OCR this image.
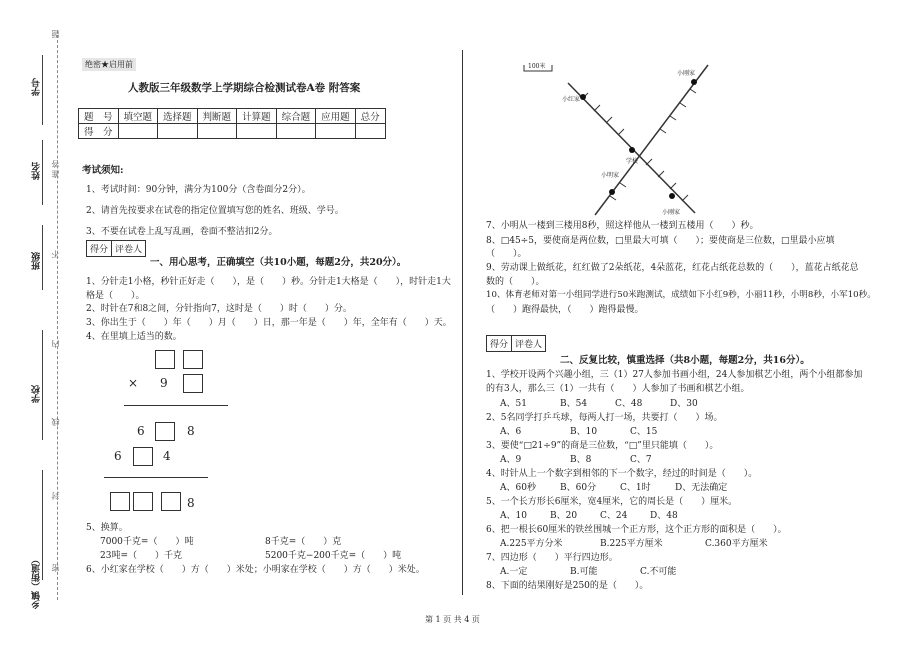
学号
姓名
班级
学校
乡镇（街道）
题
答
准
不
内
线
封
密
绝密★启用前
人教版三年级数学上学期综合检测试卷A卷 附答案
题　号	填空题	选择题	判断题	计算题	综合题	应用题	总分
得　分							
考试须知:
1、考试时间：90分钟，满分为100分（含卷面分2分）。
2、请首先按要求在试卷的指定位置填写您的姓名、班级、学号。
3、不要在试卷上乱写乱画，卷面不整洁扣2分。
得分 评卷人
一、用心思考，正确填空（共10小题，每题2分，共20分）。
1、分针走1小格，秒针正好走（　　），是（　　）秒。分针走1大格是（　　），时针走1大
格是（　　）。
2、时针在7和8之间，分针指向7，这时是（　　）时（　　）分。
3、你出生于（　　）年（　　）月（　　）日，那一年是（　　）年，全年有（　　）天。
4、在里填上适当的数。
× 9
6	8
6	4
8
5、换算。
7000千克=（　　）吨	8千克=（　　）克
23吨=（　　）千克	5200千克−200千克=（　　）吨
6、小红家在学校（　　）方（　　）米处；小明家在学校（　　）方（　　）米处。
100米
小刚家
小红家
学校
小明家
小刚家
7、小明从一楼到三楼用8秒，照这样他从一楼到五楼用（　　）秒。
8、□45÷5，要使商是两位数，□里最大可填（　　）；要使商是三位数，□里最小应填
（　　）。
9、劳动课上做纸花，红红做了2朵纸花，4朵蓝花，红花占纸花总数的（　　），蓝花占纸花总
数的（　　）。
10、体育老师对第一小组同学进行50米跑测试，成绩如下小红9秒，小丽11秒，小明8秒，小军10秒。
（　　）跑得最快，（　　）跑得最慢。
得分 评卷人
二、反复比较，慎重选择（共8小题，每题2分，共16分）。
1、学校开设两个兴趣小组，三（1）27人参加书画小组，24人参加棋艺小组，两个小组都参加
的有3人，那么三（1）一共有（　　）人参加了书画和棋艺小组。
A、51	B、54	C、48	D、30
2、5名同学打乒乓球，每两人打一场，共要打（　　）场。
A、6	B、10	C、15
3、要使“□21÷9”的商是三位数，“□”里只能填（　　）。
A、9	B、8	C、7
4、时针从上一个数字到相邻的下一个数字，经过的时间是（　　）。
A、60秒	B、60分	C、1时	D、无法确定
5、一个长方形长6厘米，宽4厘米，它的周长是（　　）厘米。
A、10	B、20	C、24	D、48
6、把一根长60厘米的铁丝围城一个正方形，这个正方形的面积是（　　）。
A.225平方分米	B.225平方厘米	C.360平方厘米
7、四边形（　　）平行四边形。
A.一定	B.可能	C.不可能
8、下面的结果刚好是250的是（　　）。
第 1 页 共 4 页
